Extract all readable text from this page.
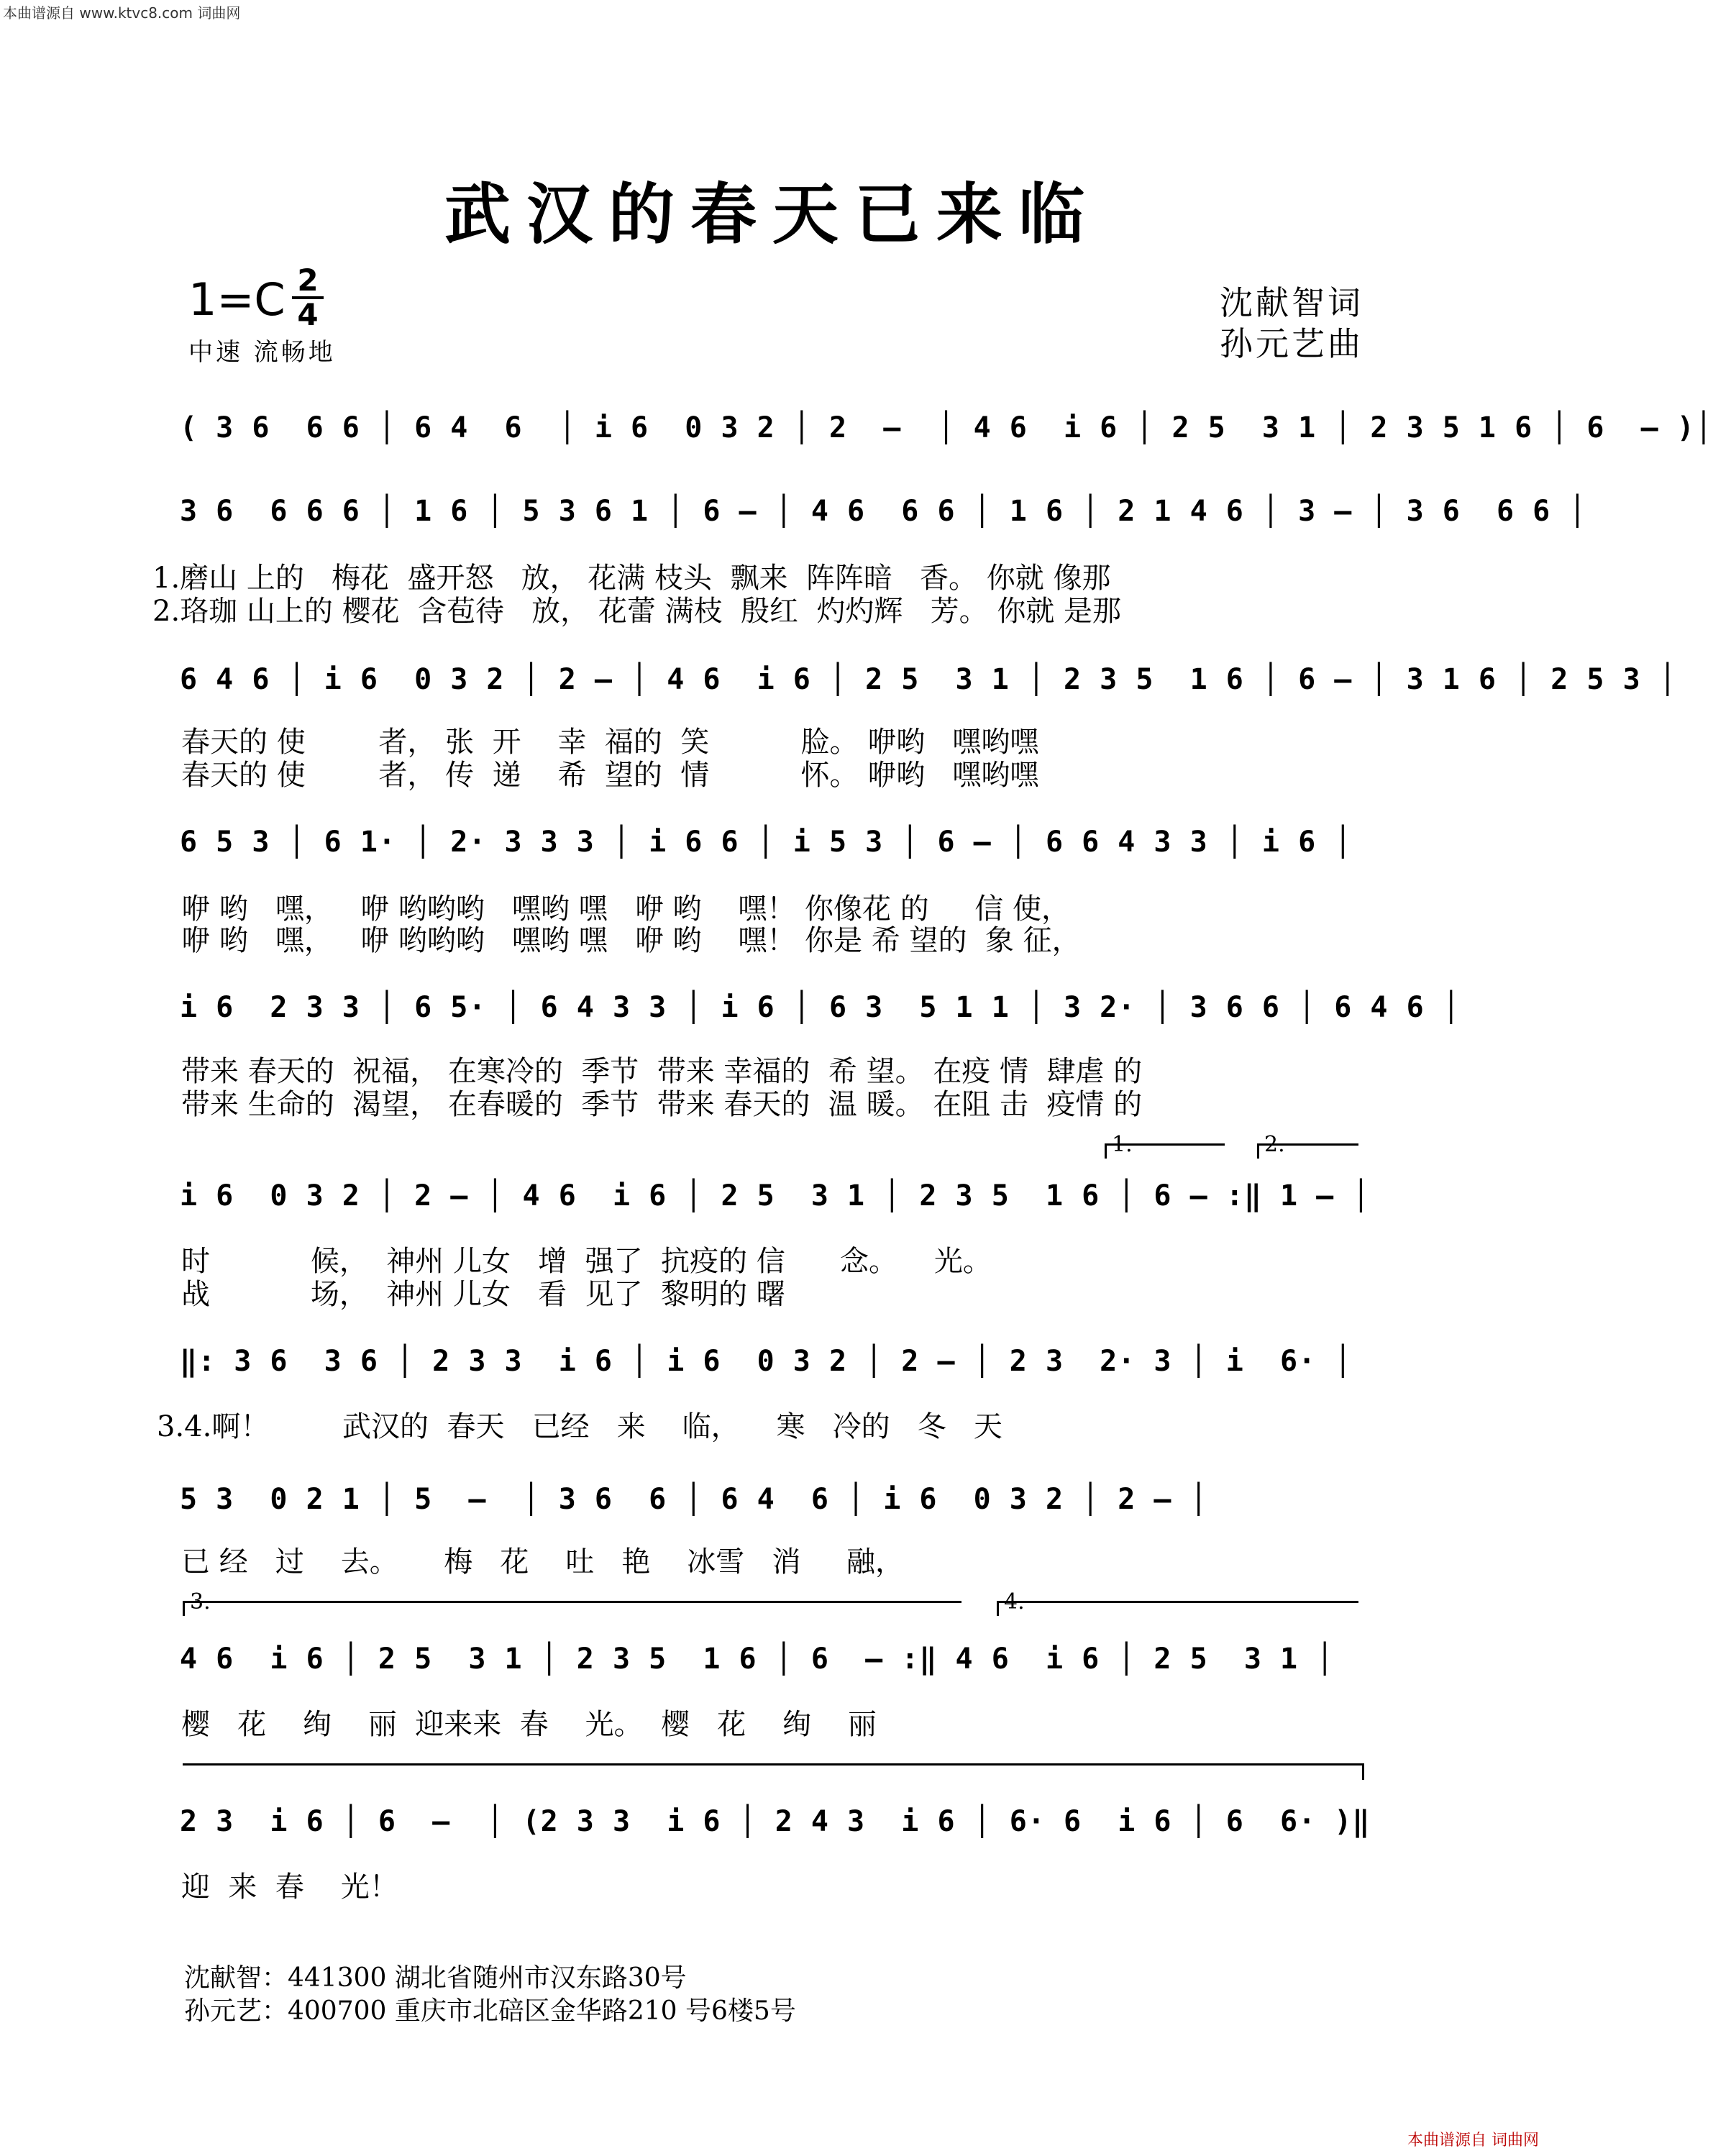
本曲谱源自 www.ktvc8.com 词曲网
武汉的春天已来临
1=C 2
4
中速 流畅地
沈献智词
孙元艺曲
( 3 6  6 6 │ 6 4  6  │ i 6  0 3 2 │ 2  –  │ 4 6  i 6 │ 2 5  3 1 │ 2 3 5 1 6 │ 6  – )│
3 6  6 6 6 │ 1 6 │ 5 3 6 1 │ 6 – │ 4 6  6 6 │ 1 6 │ 2 1 4 6 │ 3 – │ 3 6  6 6 │
1.磨山 上的   梅花  盛开怒   放， 花满 枝头  飘来  阵阵暗   香。 你就 像那
2.珞珈 山上的 樱花  含苞待   放， 花蕾 满枝  殷红  灼灼辉   芳。 你就 是那
6 4 6 │ i 6  0 3 2 │ 2 – │ 4 6  i 6 │ 2 5  3 1 │ 2 3 5  1 6 │ 6 – │ 3 1 6 │ 2 5 3 │
春天的 使        者， 张  开    幸  福的  笑          脸。 咿哟   嘿哟嘿
春天的 使        者， 传  递    希  望的  情          怀。 咿哟   嘿哟嘿
6 5 3 │ 6 1· │ 2· 3 3 3 │ i 6 6 │ i 5 3 │ 6 – │ 6 6 4 3 3 │ i 6 │
咿 哟   嘿，   咿 哟哟哟   嘿哟 嘿   咿 哟    嘿！ 你像花 的     信 使，
咿 哟   嘿，   咿 哟哟哟   嘿哟 嘿   咿 哟    嘿！ 你是 希 望的  象 征，
i 6  2 3 3 │ 6 5· │ 6 4 3 3 │ i 6 │ 6 3  5 1 1 │ 3 2· │ 3 6 6 │ 6 4 6 │
带来 春天的  祝福， 在寒冷的  季节  带来 幸福的  希 望。 在疫 情  肆虐 的
带来 生命的  渴望， 在春暖的  季节  带来 春天的  温 暖。 在阻 击  疫情 的
1.	2.
i 6  0 3 2 │ 2 – │ 4 6  i 6 │ 2 5  3 1 │ 2 3 5  1 6 │ 6 – :‖ 1 – │
时           候，  神州 儿女   增  强了  抗疫的 信      念。    光。
战           场，  神州 儿女   看  见了  黎明的 曙
‖: 3 6  3 6 │ 2 3 3  i 6 │ i 6  0 3 2 │ 2 – │ 2 3  2· 3 │ i  6· │
3.4.啊！        武汉的  春天   已经   来    临，    寒   冷的   冬   天
5 3  0 2 1 │ 5  –  │ 3 6  6 │ 6 4  6 │ i 6  0 3 2 │ 2 – │
已 经   过    去。     梅   花    吐   艳    冰雪   消     融，
3.	4.
4 6  i 6 │ 2 5  3 1 │ 2 3 5  1 6 │ 6  – :‖ 4 6  i 6 │ 2 5  3 1 │
樱   花    绚    丽  迎来来  春    光。  樱   花    绚    丽
2 3  i 6 │ 6  –  │ (2 3 3  i 6 │ 2 4 3  i 6 │ 6· 6  i 6 │ 6  6· )‖
迎  来  春    光！
沈献智：441300 湖北省随州市汉东路30号
孙元艺：400700 重庆市北碚区金华路210 号6楼5号
本曲谱源自 词曲网
